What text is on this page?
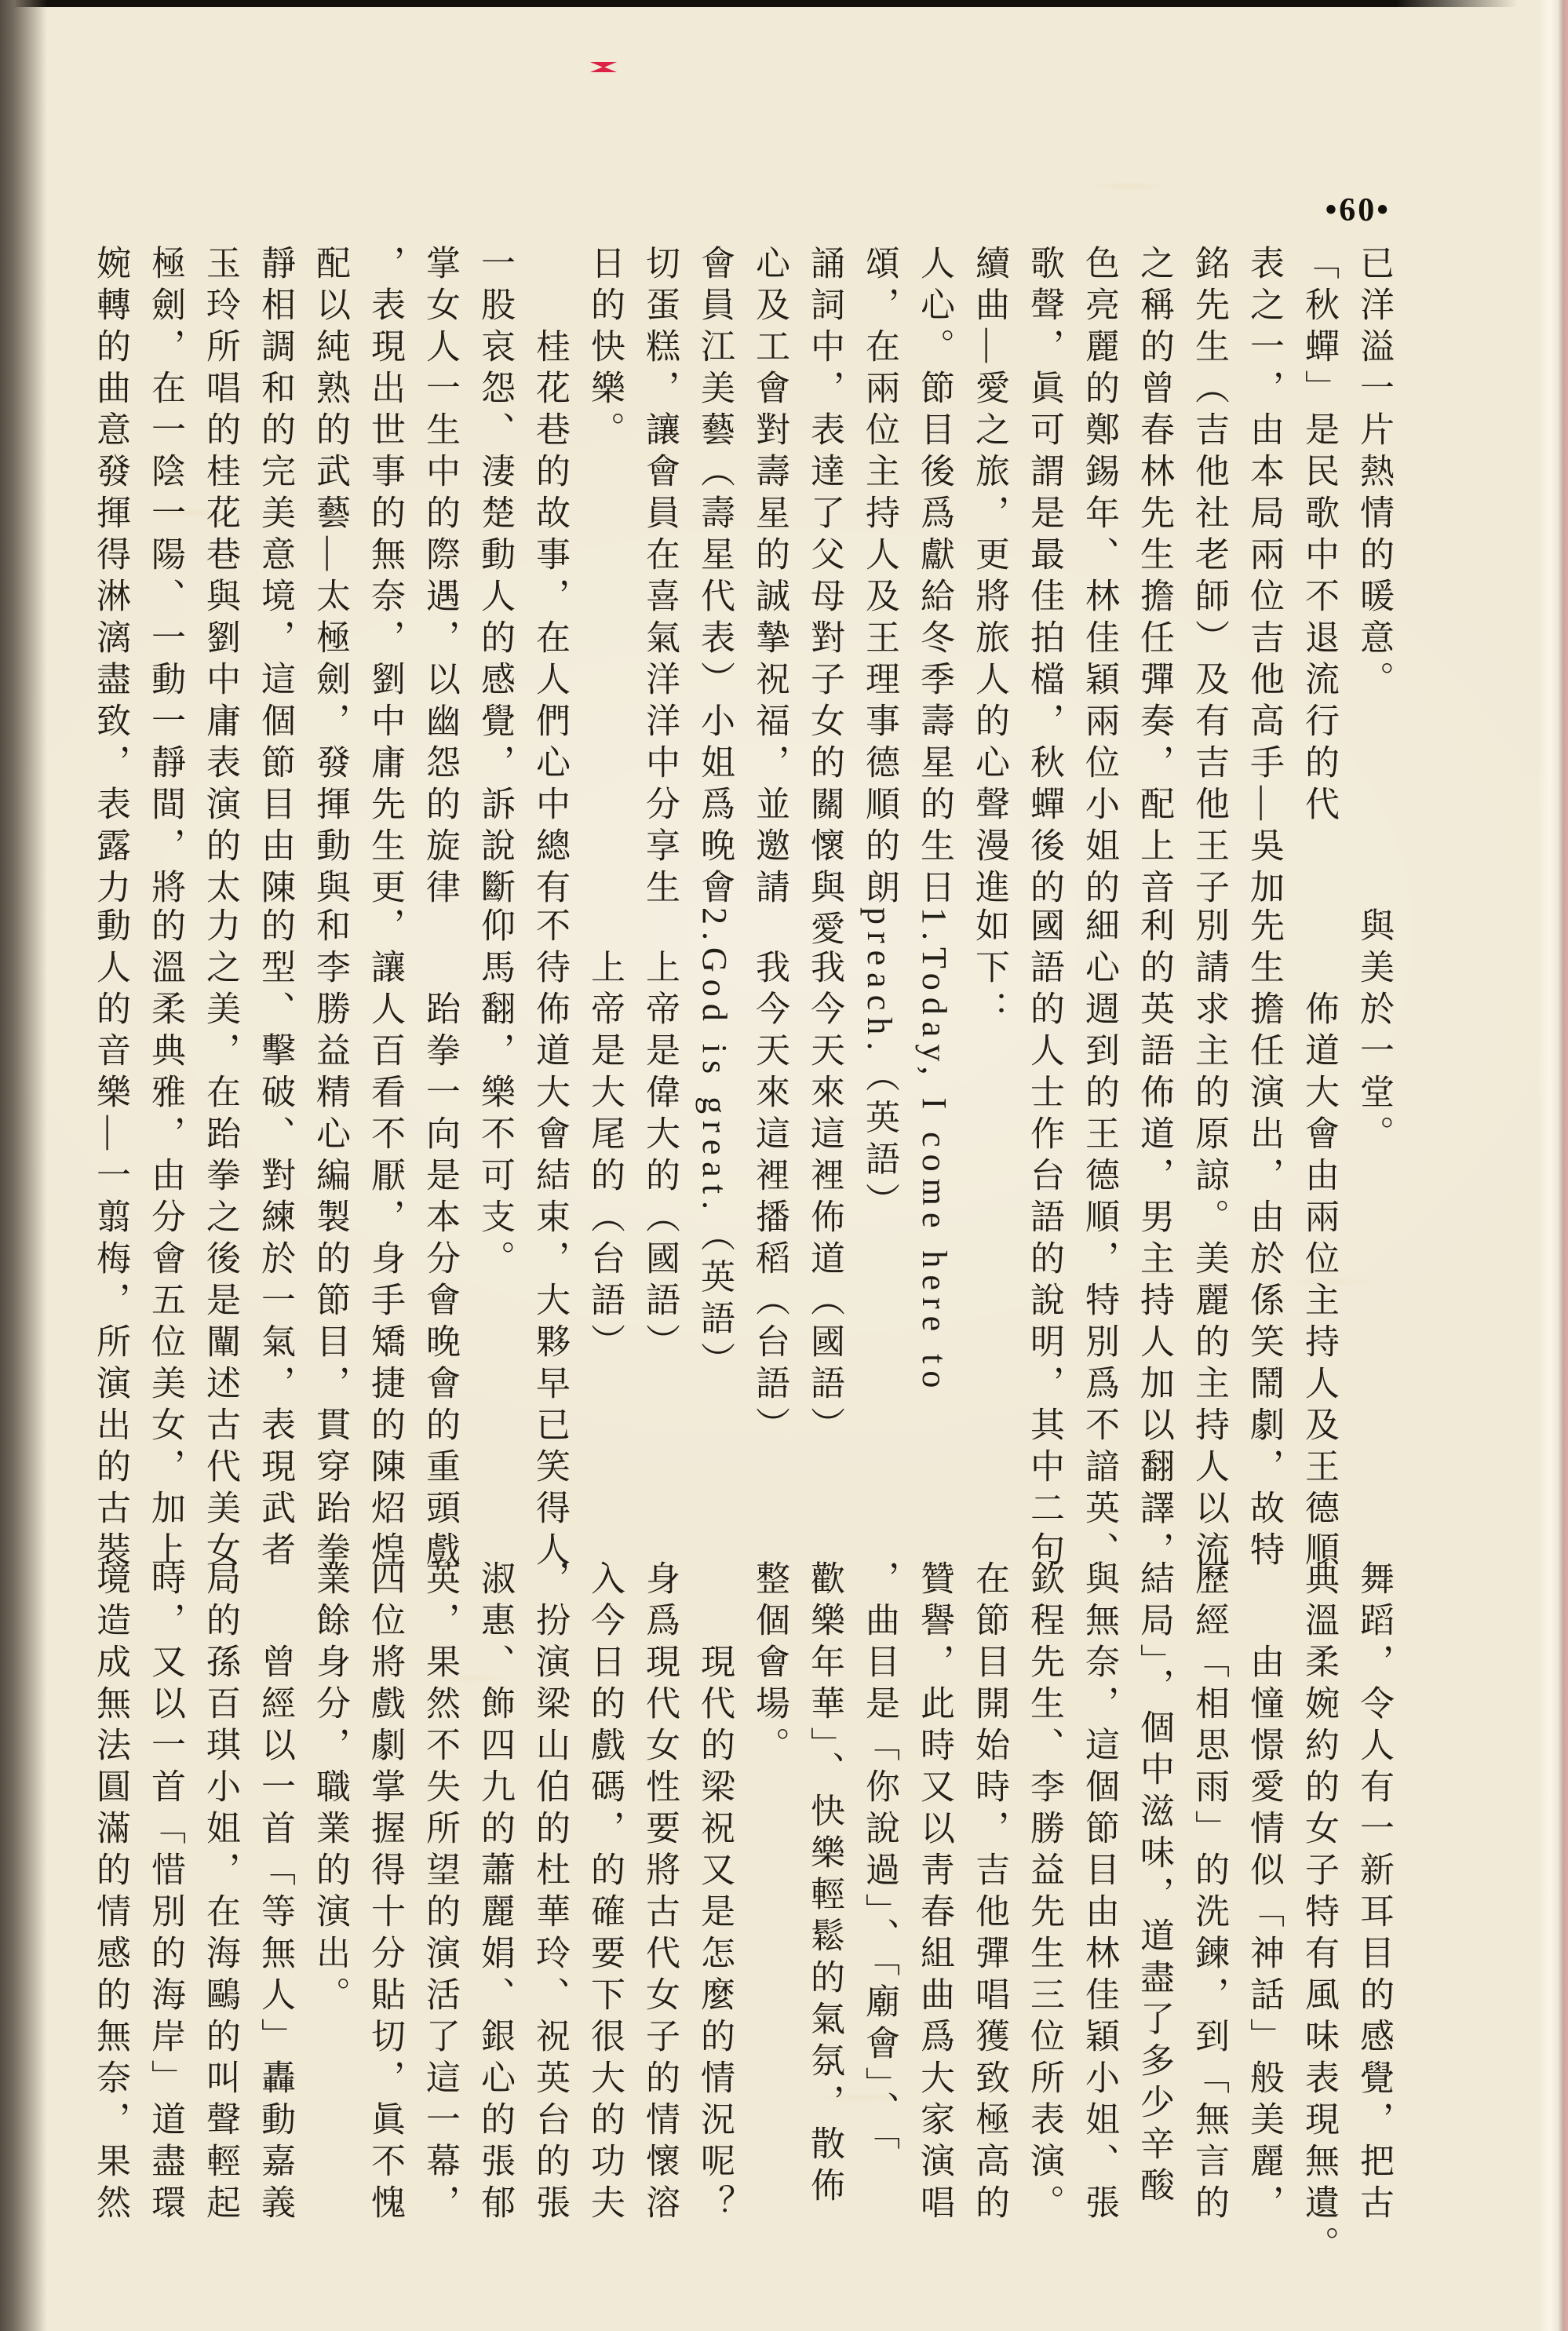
•60•
已洋溢一片熱情的暖意。
「秋蟬」是民歌中不退流行的代
表之一，由本局兩位吉他高手—吳加
銘先生（吉他社老師）及有吉他王子
之稱的曾春林先生擔任彈奏，配上音
色亮麗的鄭錫年、林佳穎兩位小姐的
歌聲，眞可謂是最佳拍檔，秋蟬後的
續曲—愛之旅，更將旅人的心聲漫進
人心。節目後爲獻給冬季壽星的生日
頌，在兩位主持人及王理事德順的朗
誦詞中，表達了父母對子女的關懷與愛
心及工會對壽星的誠摯祝福，並邀請
會員江美藝（壽星代表）小姐爲晚會
切蛋糕，讓會員在喜氣洋洋中分享生
日的快樂。
　　桂花巷的故事，在人們心中總有
一股哀怨、淒楚動人的感覺，訴說斷
掌女人一生中的際遇，以幽怨的旋律
，表現出世事的無奈，劉中庸先生更
配以純熟的武藝—太極劍，發揮動與
靜相調和的完美意境，這個節目由陳
玉玲所唱的桂花巷與劉中庸表演的太
極劍，在一陰一陽、一動一靜間，將
婉轉的曲意發揮得淋漓盡致，表露力
與美於一堂。
　　佈道大會由兩位主持人及王德順
先生擔任演出，由於係笑鬧劇，故特
別請求主的原諒。美麗的主持人以流
利的英語佈道，男主持人加以翻譯，
細心週到的王德順，特別爲不諳英、
國語的人士作台語的說明，其中二句
如下：
1.Today, I come here to
preach.（英語）
　我今天來這裡佈道（國語）
　我今天來這裡播稻（台語）
2.God is great.（英語）
　上帝是偉大的（國語）
　上帝是大尾的（台語）
不待佈道大會結束，大夥早已笑得人
仰馬翻，樂不可支。
　　跆拳一向是本分會晚會的重頭戲
，讓人百看不厭，身手矯捷的陳炤煌
和李勝益精心編製的節目，貫穿跆拳
的型、擊破、對練於一氣，表現武者
力之美，在跆拳之後是闡述古代美女
的溫柔典雅，由分會五位美女，加上
動人的音樂—一翦梅，所演出的古裝
舞蹈，令人有一新耳目的感覺，把古
典溫柔婉約的女子特有風味表現無遺。
　　由憧憬愛情似「神話」般美麗，
歷經「相思雨」的洗鍊，到「無言的
結局」，個中滋味，道盡了多少辛酸
與無奈，這個節目由林佳穎小姐、張
欽程先生、李勝益先生三位所表演。
在節目開始時，吉他彈唱獲致極高的
贊譽，此時又以靑春組曲爲大家演唱
，曲目是「你說過」、「廟會」、「
歡樂年華」、快樂輕鬆的氣氛，散佈
整個會場。
　　現代的梁祝又是怎麼的情況呢？
身爲現代女性要將古代女子的情懷溶
入今日的戲碼，的確要下很大的功夫
，扮演梁山伯的杜華玲、祝英台的張
淑惠、飾四九的蕭麗娟、銀心的張郁
英，果然不失所望的演活了這一幕，
四位將戲劇掌握得十分貼切，眞不愧
業餘身分，職業的演出。
　　曾經以一首「等無人」轟動嘉義
局的孫百琪小姐，在海鷗的叫聲輕起
時，又以一首「惜別的海岸」道盡環
境造成無法圓滿的情感的無奈，果然
